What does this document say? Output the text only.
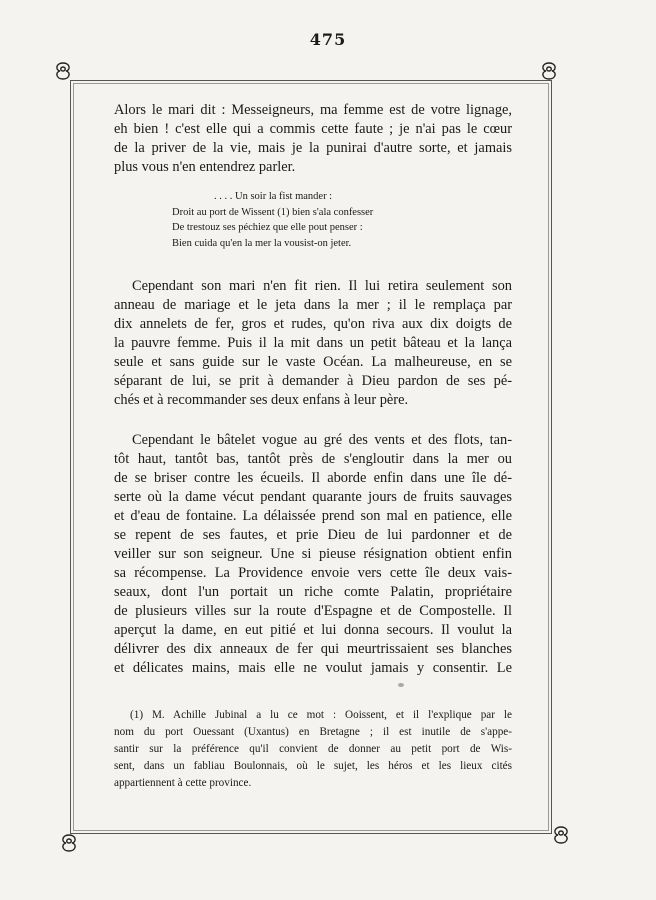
475

Alors le mari dit : Messeigneurs, ma femme est de votre lignage,

eh bien ! c'est elle qui a commis cette faute ; je n'ai pas le cœur

de la priver de la vie, mais je la punirai d'autre sorte, et jamais

plus vous n'en entendrez parler.

. . . . Un soir la fist mander :
Droit au port de Wissent (1) bien s'ala confesser
De trestouz ses péchiez que elle pout penser :
Bien cuida qu'en la mer la vousist-on jeter.

Cependant son mari n'en fit rien. Il lui retira seulement son

anneau de mariage et le jeta dans la mer ; il le remplaça par

dix annelets de fer, gros et rudes, qu'on riva aux dix doigts de

la pauvre femme. Puis il la mit dans un petit bâteau et la lança

seule et sans guide sur le vaste Océan. La malheureuse, en se

séparant de lui, se prit à demander à Dieu pardon de ses pé-

chés et à recommander ses deux enfans à leur père.

Cependant le bâtelet vogue au gré des vents et des flots, tan-

tôt haut, tantôt bas, tantôt près de s'engloutir dans la mer ou

de se briser contre les écueils. Il aborde enfin dans une île dé-

serte où la dame vécut pendant quarante jours de fruits sauvages

et d'eau de fontaine. La délaissée prend son mal en patience, elle

se repent de ses fautes, et prie Dieu de lui pardonner et de

veiller sur son seigneur. Une si pieuse résignation obtient enfin

sa récompense. La Providence envoie vers cette île deux vais-

seaux, dont l'un portait un riche comte Palatin, propriétaire

de plusieurs villes sur la route d'Espagne et de Compostelle. Il

aperçut la dame, en eut pitié et lui donna secours. Il voulut la

délivrer des dix anneaux de fer qui meurtrissaient ses blanches

et délicates mains, mais elle ne voulut jamais y consentir. Le

(1) M. Achille Jubinal a lu ce mot : Ooissent, et il l'explique par le

nom du port Ouessant (Uxantus) en Bretagne ; il est inutile de s'appe-

santir sur la préférence qu'il convient de donner au petit port de Wis-

sent, dans un fabliau Boulonnais, où le sujet, les héros et les lieux cités

appartiennent à cette province.
